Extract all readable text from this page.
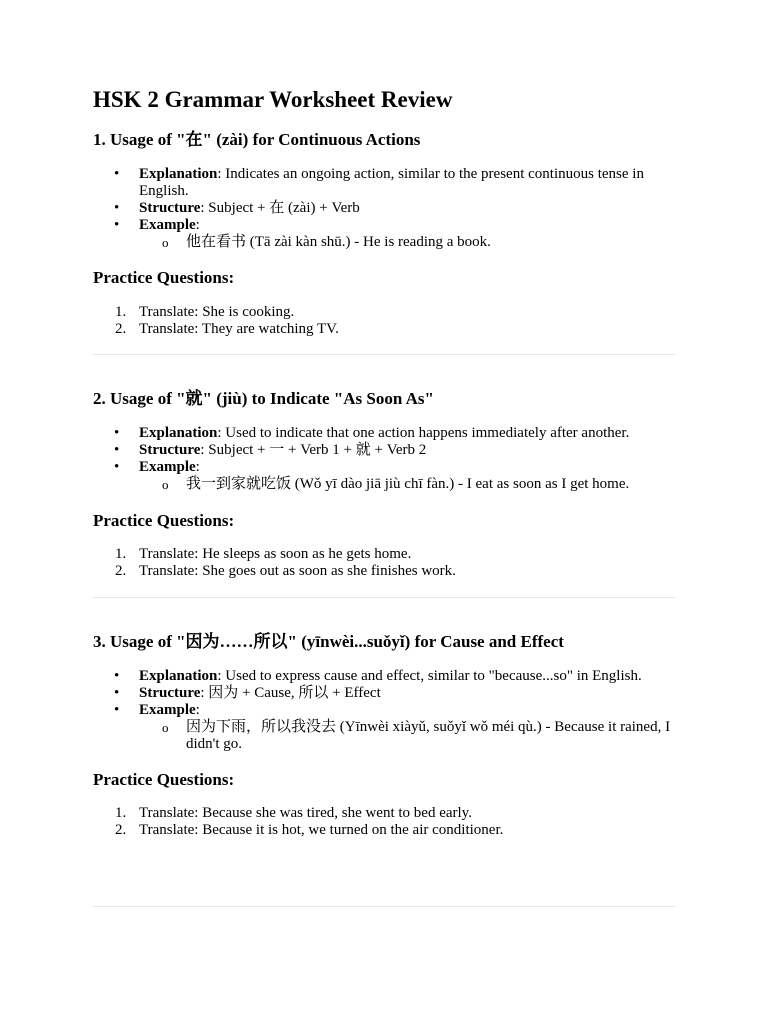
HSK 2 Grammar Worksheet Review
1. Usage of "在" (zài) for Continuous Actions
• Explanation: Indicates an ongoing action, similar to the present continuous tense in English.
• Structure: Subject + 在 (zài) + Verb
• Example:
o 他在看书 (Tā zài kàn shū.) - He is reading a book.
Practice Questions:
1. Translate: She is cooking.
2. Translate: They are watching TV.
2. Usage of "就" (jiù) to Indicate "As Soon As"
• Explanation: Used to indicate that one action happens immediately after another.
• Structure: Subject + 一 + Verb 1 + 就 + Verb 2
• Example:
o 我一到家就吃饭 (Wǒ yī dào jiā jiù chī fàn.) - I eat as soon as I get home.
Practice Questions:
1. Translate: He sleeps as soon as he gets home.
2. Translate: She goes out as soon as she finishes work.
3. Usage of "因为……所以" (yīnwèi...suǒyǐ) for Cause and Effect
• Explanation: Used to express cause and effect, similar to "because...so" in English.
• Structure: 因为 + Cause, 所以 + Effect
• Example:
o 因为下雨，所以我没去 (Yīnwèi xiàyǔ, suǒyǐ wǒ méi qù.) - Because it rained, I didn't go.
Practice Questions:
1. Translate: Because she was tired, she went to bed early.
2. Translate: Because it is hot, we turned on the air conditioner.
